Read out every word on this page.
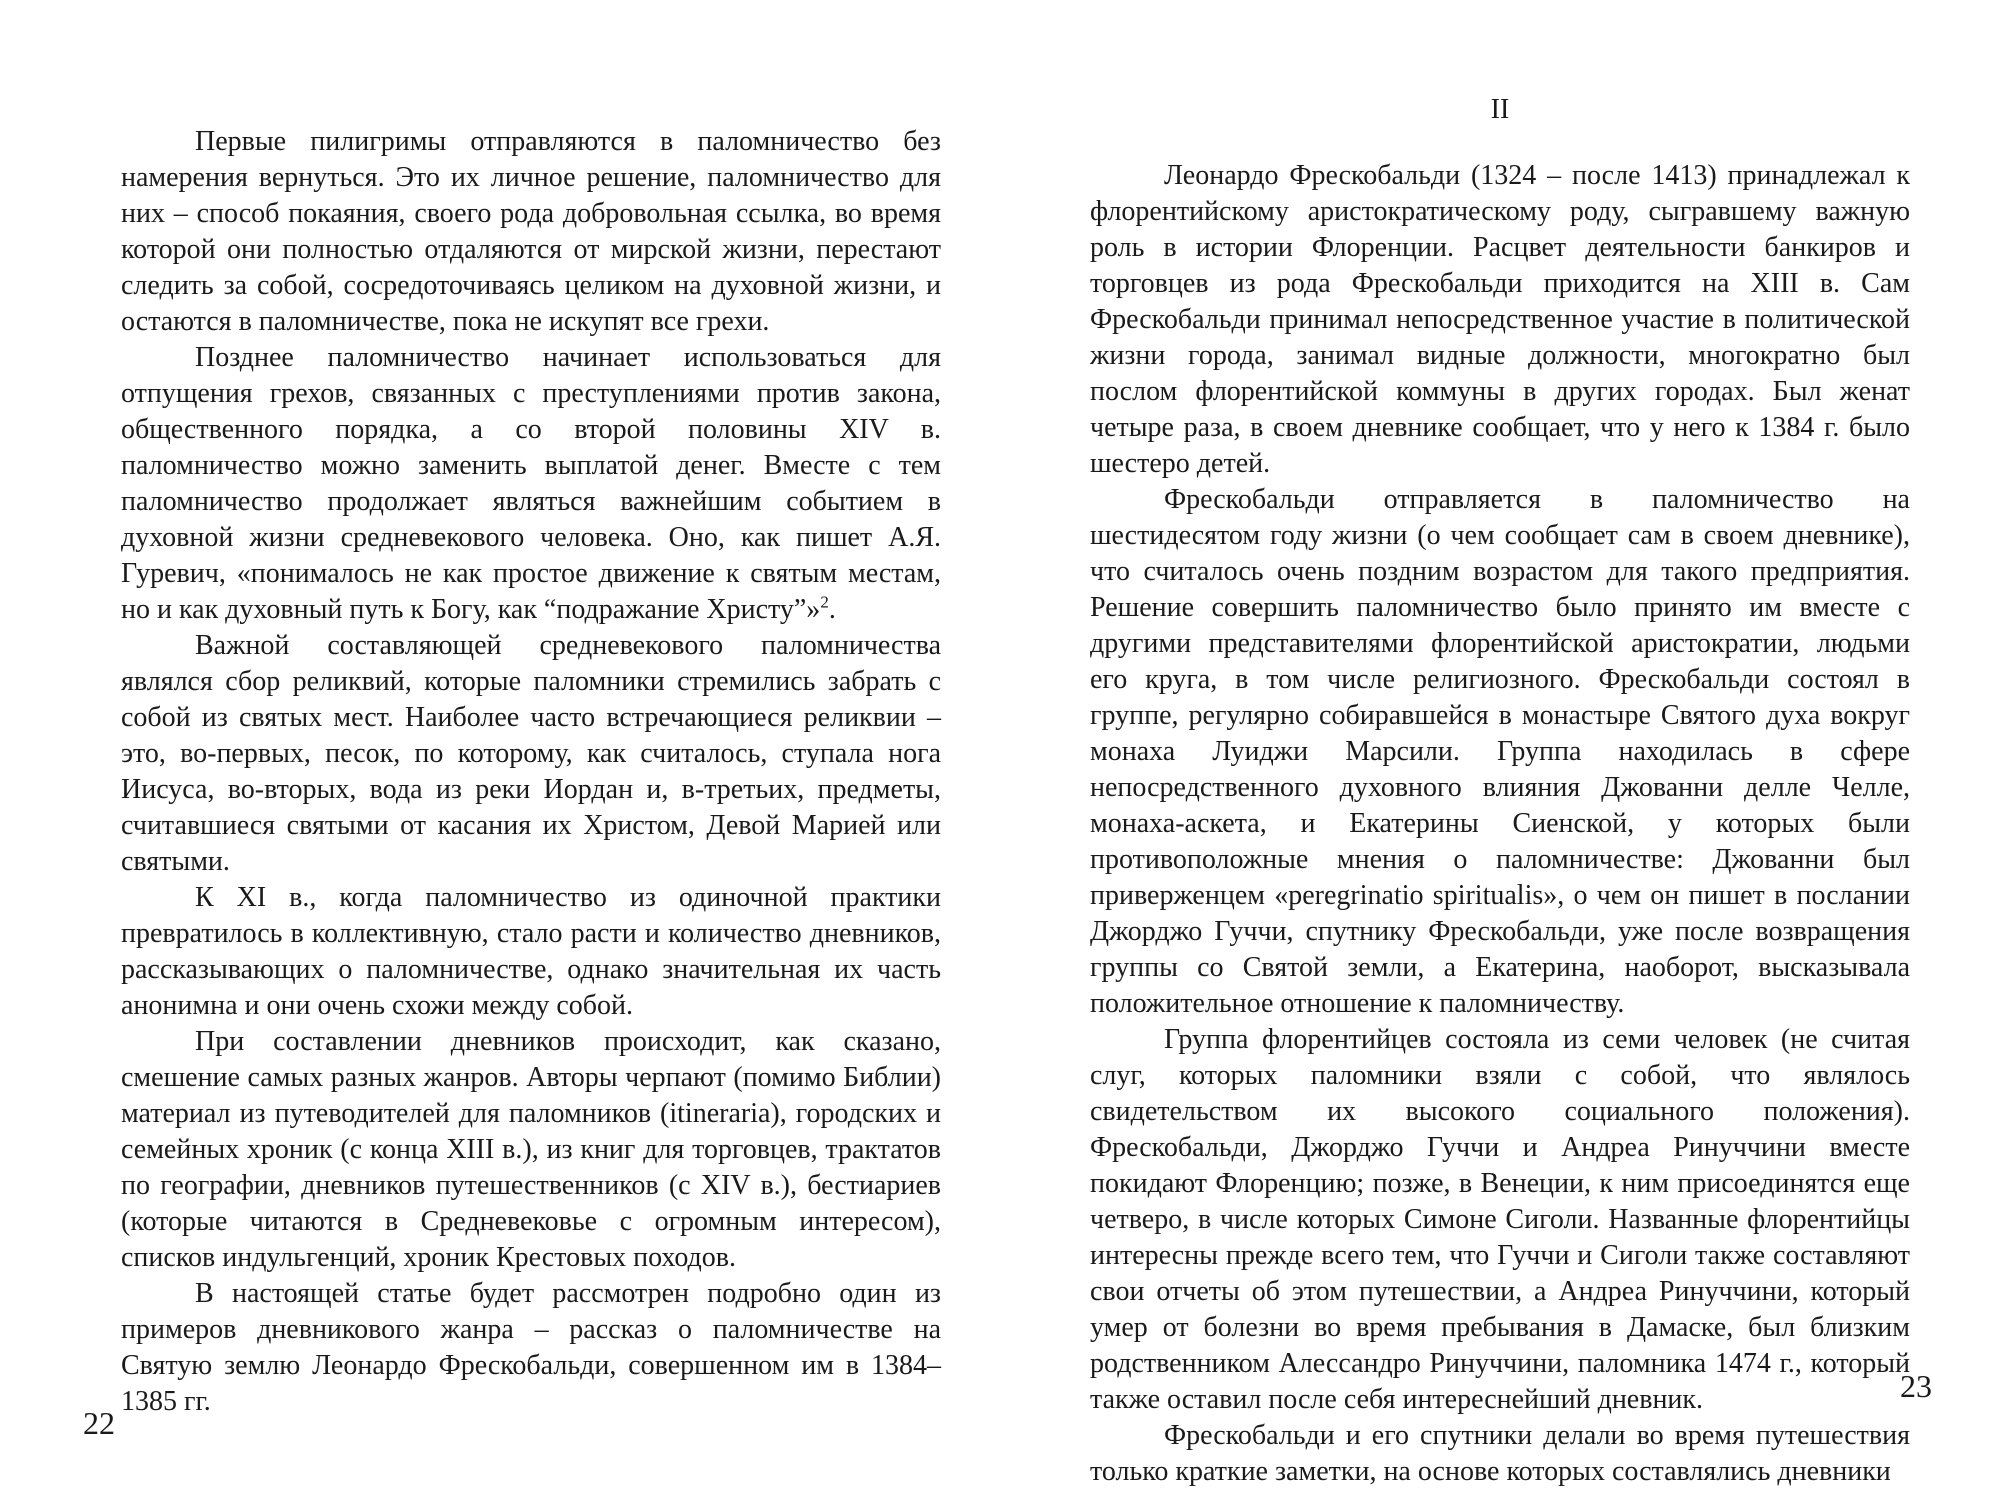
Первые пилигримы отправляются в паломничество без намерения вернуться. Это их личное решение, паломничество для них – способ покаяния, своего рода добровольная ссылка, во время которой они полностью отдаляются от мирской жизни, перестают следить за собой, сосредоточиваясь целиком на духовной жизни, и остаются в паломничестве, пока не искупят все грехи.

Позднее паломничество начинает использоваться для отпущения грехов, связанных с преступлениями против закона, общественного порядка, а со второй половины XIV в. паломничество можно заменить выплатой денег. Вместе с тем паломничество продолжает являться важнейшим событием в духовной жизни средневекового человека. Оно, как пишет А.Я. Гуревич, «понималось не как простое движение к святым местам, но и как духовный путь к Богу, как “подражание Христу”»$^2$.

Важной составляющей средневекового паломничества являлся сбор реликвий, которые паломники стремились забрать с собой из святых мест. Наиболее часто встречающиеся реликвии – это, во-первых, песок, по которому, как считалось, ступала нога Иисуса, во-вторых, вода из реки Иордан и, в-третьих, предметы, считавшиеся святыми от касания их Христом, Девой Марией или святыми.

К XI в., когда паломничество из одиночной практики превратилось в коллективную, стало расти и количество дневников, рассказывающих о паломничестве, однако значительная их часть анонимна и они очень схожи между собой.

При составлении дневников происходит, как сказано, смешение самых разных жанров. Авторы черпают (помимо Библии) материал из путеводителей для паломников (itineraria), городских и семейных хроник (с конца XIII в.), из книг для торговцев, трактатов по географии, дневников путешественников (с XIV в.), бестиариев (которые читаются в Средневековье с огромным интересом), списков индульгенций, хроник Крестовых походов.

В настоящей статье будет рассмотрен подробно один из примеров дневникового жанра – рассказ о паломничестве на Святую землю Леонардо Фрескобальди, совершенном им в 1384–1385 гг.

22
II

Леонардо Фрескобальди (1324 – после 1413) принадлежал к флорентийскому аристократическому роду, сыгравшему важную роль в истории Флоренции. Расцвет деятельности банкиров и торговцев из рода Фрескобальди приходится на XIII в. Сам Фрескобальди принимал непосредственное участие в политической жизни города, занимал видные должности, многократно был послом флорентийской коммуны в других городах. Был женат четыре раза, в своем дневнике сообщает, что у него к 1384 г. было шестеро детей.

Фрескобальди отправляется в паломничество на шестидесятом году жизни (о чем сообщает сам в своем дневнике), что считалось очень поздним возрастом для такого предприятия. Решение совершить паломничество было принято им вместе с другими представителями флорентийской аристократии, людьми его круга, в том числе религиозного. Фрескобальди состоял в группе, регулярно собиравшейся в монастыре Святого духа вокруг монаха Луиджи Марсили. Группа находилась в сфере непосредственного духовного влияния Джованни делле Челле, монаха-аскета, и Екатерины Сиенской, у которых были противоположные мнения о паломничестве: Джованни был приверженцем «peregrinatio spiritualis», о чем он пишет в послании Джорджо Гуччи, спутнику Фрескобальди, уже после возвращения группы со Святой земли, а Екатерина, наоборот, высказывала положительное отношение к паломничеству.

Группа флорентийцев состояла из семи человек (не считая слуг, которых паломники взяли с собой, что являлось свидетельством их высокого социального положения). Фрескобальди, Джорджо Гуччи и Андреа Ринуччини вместе покидают Флоренцию; позже, в Венеции, к ним присоединятся еще четверо, в числе которых Симоне Сиголи. Названные флорентийцы интересны прежде всего тем, что Гуччи и Сиголи также составляют свои отчеты об этом путешествии, а Андреа Ринуччини, который умер от болезни во время пребывания в Дамаске, был близким родственником Алессандро Ринуччини, паломника 1474 г., который также оставил после себя интереснейший дневник.

Фрескобальди и его спутники делали во время путешествия только краткие заметки, на основе которых составлялись дневники

23
